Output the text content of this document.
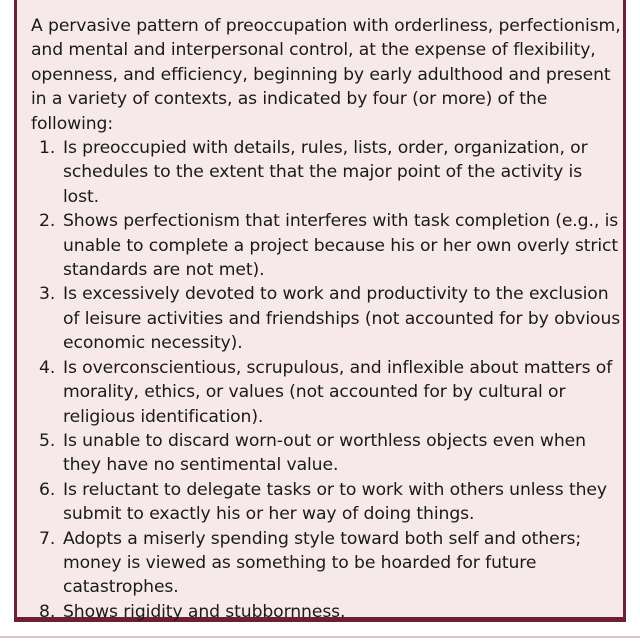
A pervasive pattern of preoccupation with orderliness, perfectionism, and mental and interpersonal control, at the expense of flexibility, openness, and efficiency, beginning by early adulthood and present in a variety of contexts, as indicated by four (or more) of the following:

1. Is preoccupied with details, rules, lists, order, organization, or schedules to the extent that the major point of the activity is lost.
2. Shows perfectionism that interferes with task completion (e.g., is unable to complete a project because his or her own overly strict standards are not met).
3. Is excessively devoted to work and productivity to the exclusion of leisure activities and friendships (not accounted for by obvious economic necessity).
4. Is overconscientious, scrupulous, and inflexible about matters of morality, ethics, or values (not accounted for by cultural or religious identification).
5. Is unable to discard worn-out or worthless objects even when they have no sentimental value.
6. Is reluctant to delegate tasks or to work with others unless they submit to exactly his or her way of doing things.
7. Adopts a miserly spending style toward both self and others; money is viewed as something to be hoarded for future catastrophes.
8. Shows rigidity and stubbornness.
